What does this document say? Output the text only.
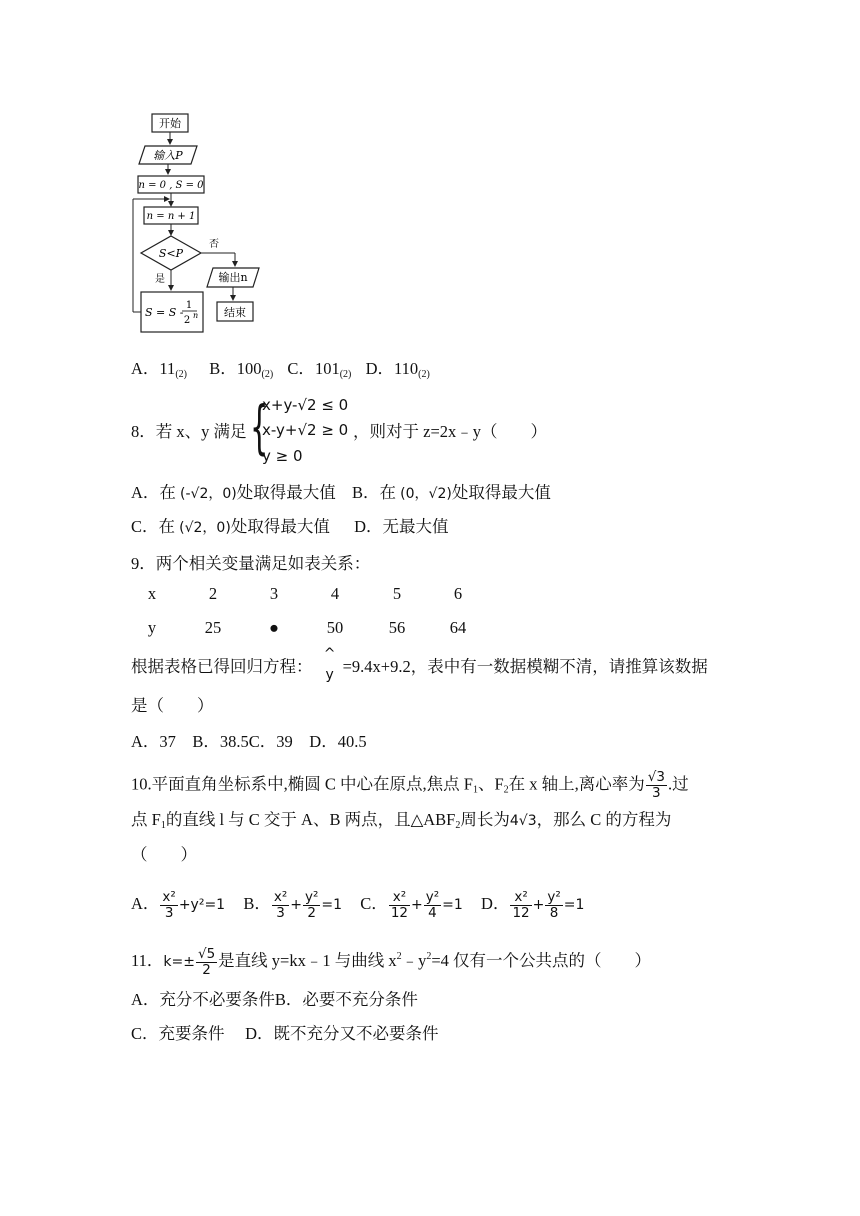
开始
输入P
n = 0 , S = 0
n = n + 1
S<P
否
输出n
结束
是
S = S -
1
2 n
A．$11_{(2)}$ B．$100_{(2)}$ C．$101_{(2)}$ D．$110_{(2)}$
8．若 x、y 满足 {
x+y-√2 ≤ 0
x-y+√2 ≥ 0
y ≥ 0
，则对于 z=2x﹣y（　　）
A．在 (-√2，0)处取得最大值 B．在 (0，√2)处取得最大值
C．在 (√2，0)处取得最大值 D．无最大值
9．两个相关变量满足如表关系：
x	2	3	4	5	6
y	25	●	50	56	64
根据表格已得回归方程：
^
$_y$ =9.4x+9.2，表中有一数据模糊不清，请推算该数据
是（　　）
A．37　B．38.5C．39　D．40.5
10.平面直角坐标系中,椭圆 C 中心在原点,焦点 $F_1$、$F_2$在 x 轴上,离心率为 $\frac{√3}{3}$ .过
点 $F_1$的直线 l 与 C 交于 A、B 两点，且$\triangle ABF_2$周长为4√3，那么 C 的方程为
（　　）
A． $\frac{\text{x²}}{3} +y^2=1$ B． $\frac{\text{x²}}{3} + \frac{\text{y²}}{2} =1$ C． $\frac{\text{x²}}{12} + \frac{\text{y²}}{4} =1$ D． $\frac{\text{x²}}{12} + \frac{\text{y²}}{8} =1$
11．$k=\pm \frac{√5}{2}$ 是直线 y=kx﹣1 与曲线 $x^2﹣y^2=4$ 仅有一个公共点的（　　）
A．充分不必要条件B．必要不充分条件
C．充要条件　 D．既不充分又不必要条件
